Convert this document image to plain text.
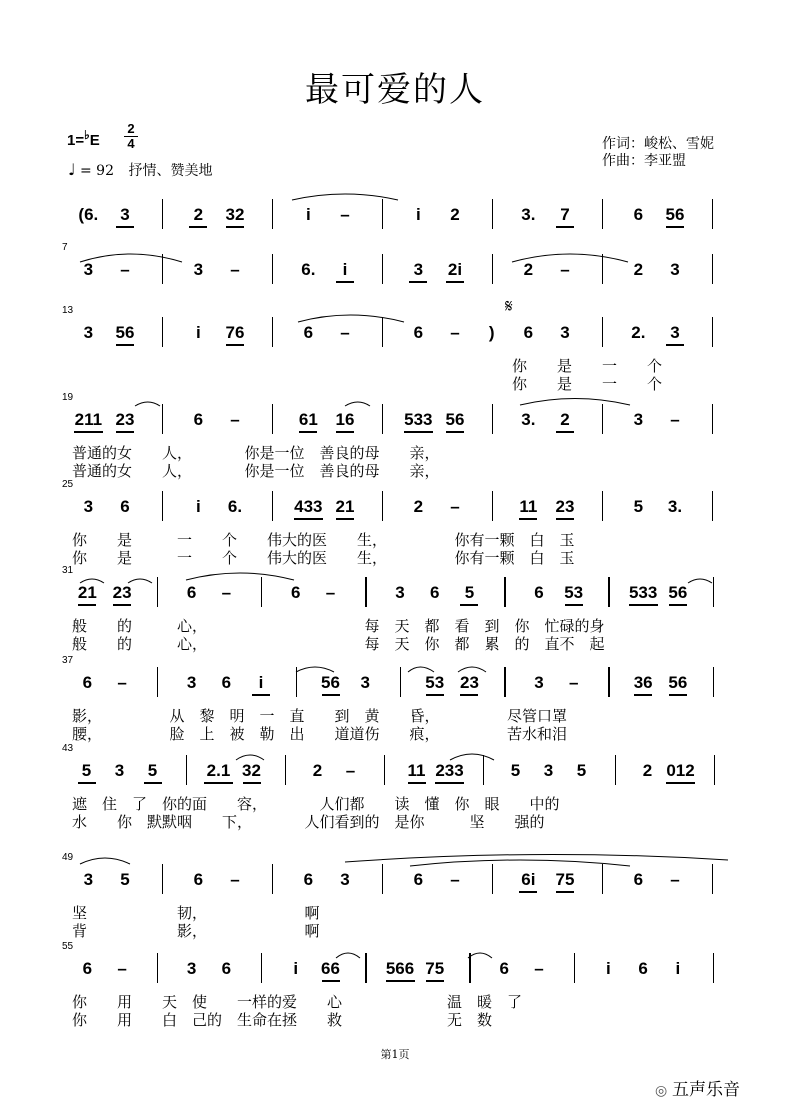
最可爱的人
1=♭E
2
4
♩ = 92 抒情、赞美地
作词：峻松、雪妮
作曲：李亚盟
𝄋
(6.	3	2	32	i	–	i	2	3.	7	6	56
7
3	–	3	–	6.	i	3	2i	2	–	2	3
13
3	56	i	76	6	–	6	–	)	6	3	2.	3
你　　是　　一　　个
你　　是　　一　　个
19
211 23	6	–	61 16	533 56	3.	2	3	–
普通的女　　人，　　　　你是一位　善良的母　　亲，
普通的女　　人，　　　　你是一位　善良的母　　亲，
25
3	6	i	6.	433 21	2	–	11 23	5	3.
你　　是　　　一　　个　　伟大的医　　生，　　　　　你有一颗　白　玉
你　　是　　　一　　个　　伟大的医　　生，　　　　　你有一颗　白　玉
31
21 23	6	–	6	–	3	6	5	6	53	533 56
般　　的　　　心，　　　　　　　　　　　每　天　都　看　到　你　忙碌的身
般　　的　　　心，　　　　　　　　　　　每　天　你　都　累　的　直不　起
37
6	–	3	6	i	56	3	53 23	3	–	36 56
影，　　　　　从　黎　明　一　直　　到　黄　　昏，　　　　　尽管口罩
腰，　　　　　脸　上　被　勒　出　　道道伤　　痕，　　　　　苦水和泪
43
5	3	5	2.1 32	2	–	11 233	5	3	5	2 012
遮　住　了　你的面　　容，　　　　人们都　　读　懂　你　眼　　中的
水　　你　默默咽　　下，　　　　人们看到的　是你　　　坚　　强的
49
3	5	6	–	6	3	6	–	6i 75	6	–
坚　　　　　　韧，　　　　　　　啊
背　　　　　　影，　　　　　　　啊
55
6	–	3	6	i	66	566 75	6	–	i	6	i
你　　用　　天　使　　一样的爱　　心　　　　　　　温　暖　了
你　　用　　白　己的　生命在拯　　救　　　　　　　无　数
第1页
◎ 五声乐音
